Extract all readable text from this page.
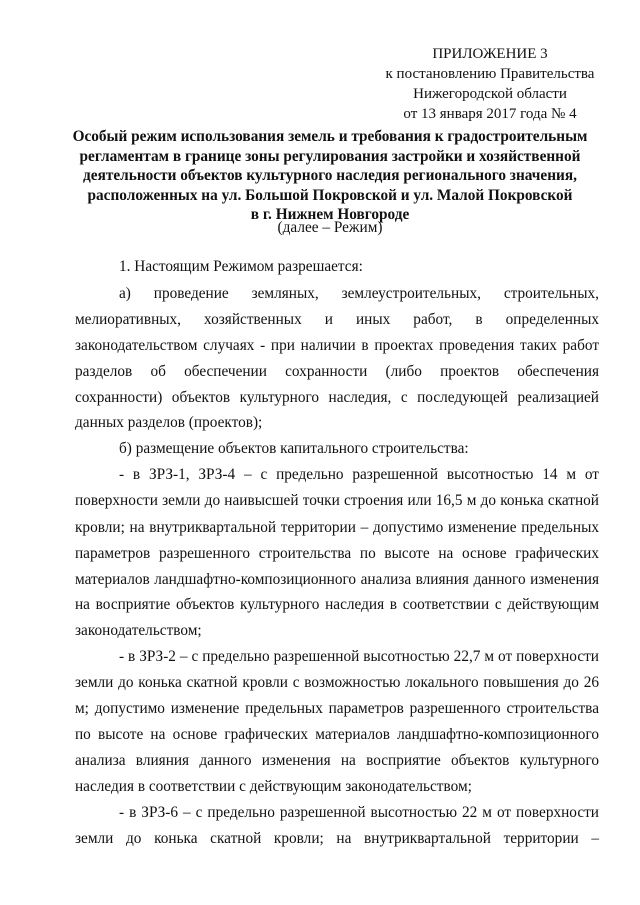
ПРИЛОЖЕНИЕ 3
к постановлению Правительства
Нижегородской области
от 13 января 2017 года № 4
Особый режим использования земель и требования к градостроительным
регламентам в границе зоны регулирования застройки и хозяйственной
деятельности объектов культурного наследия регионального значения,
расположенных на ул. Большой Покровской и ул. Малой Покровской
в г. Нижнем Новгороде
(далее – Режим)
1. Настоящим Режимом разрешается:
а) проведение земляных, землеустроительных, строительных,
мелиоративных, хозяйственных и иных работ, в определенных
законодательством случаях - при наличии в проектах проведения таких работ
разделов об обеспечении сохранности (либо проектов обеспечения
сохранности) объектов культурного наследия, с последующей реализацией
данных разделов (проектов);
б) размещение объектов капитального строительства:
- в ЗРЗ-1, ЗРЗ-4 – с предельно разрешенной высотностью 14 м от
поверхности земли до наивысшей точки строения или 16,5 м до конька скатной
кровли; на внутриквартальной территории – допустимо изменение предельных
параметров разрешенного строительства по высоте на основе графических
материалов ландшафтно-композиционного анализа влияния данного изменения
на восприятие объектов культурного наследия в соответствии с действующим
законодательством;
- в ЗРЗ-2 – с предельно разрешенной высотностью 22,7 м от поверхности
земли до конька скатной кровли с возможностью локального повышения до 26
м; допустимо изменение предельных параметров разрешенного строительства
по высоте на основе графических материалов ландшафтно-композиционного
анализа влияния данного изменения на восприятие объектов культурного
наследия в соответствии с действующим законодательством;
- в ЗРЗ-6 – с предельно разрешенной высотностью 22 м от поверхности
земли до конька скатной кровли; на внутриквартальной территории –
